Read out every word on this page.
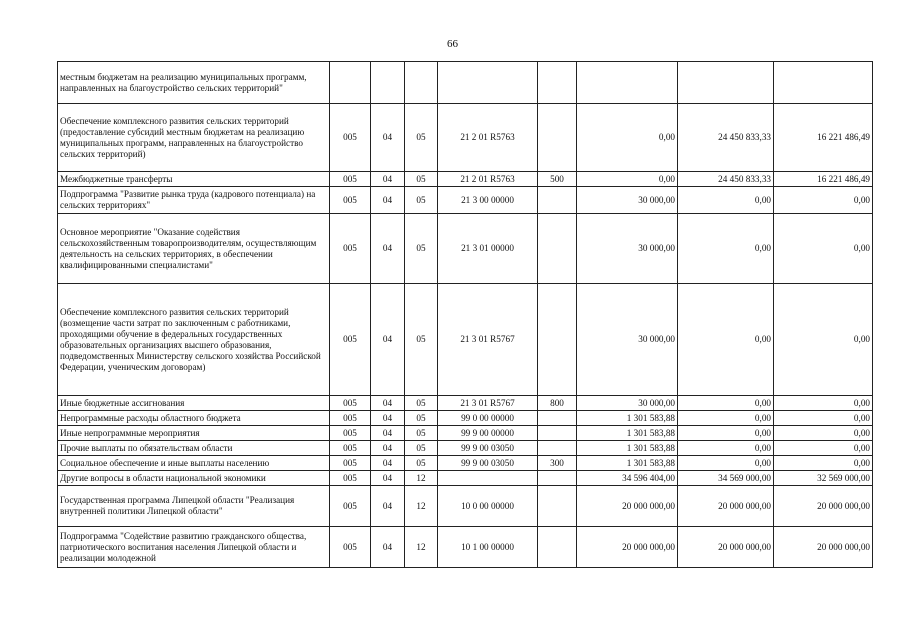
66
местным бюджетам на реализацию муниципальных программ, направленных на благоустройство сельских территорий"								
Обеспечение комплексного развития сельских территорий (предоставление субсидий местным бюджетам на реализацию муниципальных программ, направленных на благоустройство сельских территорий)	005	04	05	21 2 01 R5763		0,00	24 450 833,33	16 221 486,49
Межбюджетные трансферты	005	04	05	21 2 01 R5763	500	0,00	24 450 833,33	16 221 486,49
Подпрограмма "Развитие рынка труда (кадрового потенциала) на сельских территориях"	005	04	05	21 3 00 00000		30 000,00	0,00	0,00
Основное мероприятие "Оказание содействия сельскохозяйственным товаропроизводителям, осуществляющим деятельность на сельских территориях, в обеспечении квалифицированными специалистами"	005	04	05	21 3 01 00000		30 000,00	0,00	0,00
Обеспечение комплексного развития сельских территорий (возмещение части затрат по заключенным с работниками, проходящими обучение в федеральных государственных образовательных организациях высшего образования, подведомственных Министерству сельского хозяйства Российской Федерации, ученическим договорам)	005	04	05	21 3 01 R5767		30 000,00	0,00	0,00
Иные бюджетные ассигнования	005	04	05	21 3 01 R5767	800	30 000,00	0,00	0,00
Непрограммные расходы областного бюджета	005	04	05	99 0 00 00000		1 301 583,88	0,00	0,00
Иные непрограммные мероприятия	005	04	05	99 9 00 00000		1 301 583,88	0,00	0,00
Прочие выплаты по обязательствам области	005	04	05	99 9 00 03050		1 301 583,88	0,00	0,00
Социальное обеспечение и иные выплаты населению	005	04	05	99 9 00 03050	300	1 301 583,88	0,00	0,00
Другие вопросы в области национальной экономики	005	04	12			34 596 404,00	34 569 000,00	32 569 000,00
Государственная программа Липецкой области "Реализация внутренней политики Липецкой области"	005	04	12	10 0 00 00000		20 000 000,00	20 000 000,00	20 000 000,00
Подпрограмма "Содействие развитию гражданского общества, патриотического воспитания населения Липецкой области и реализации молодежной	005	04	12	10 1 00 00000		20 000 000,00	20 000 000,00	20 000 000,00
